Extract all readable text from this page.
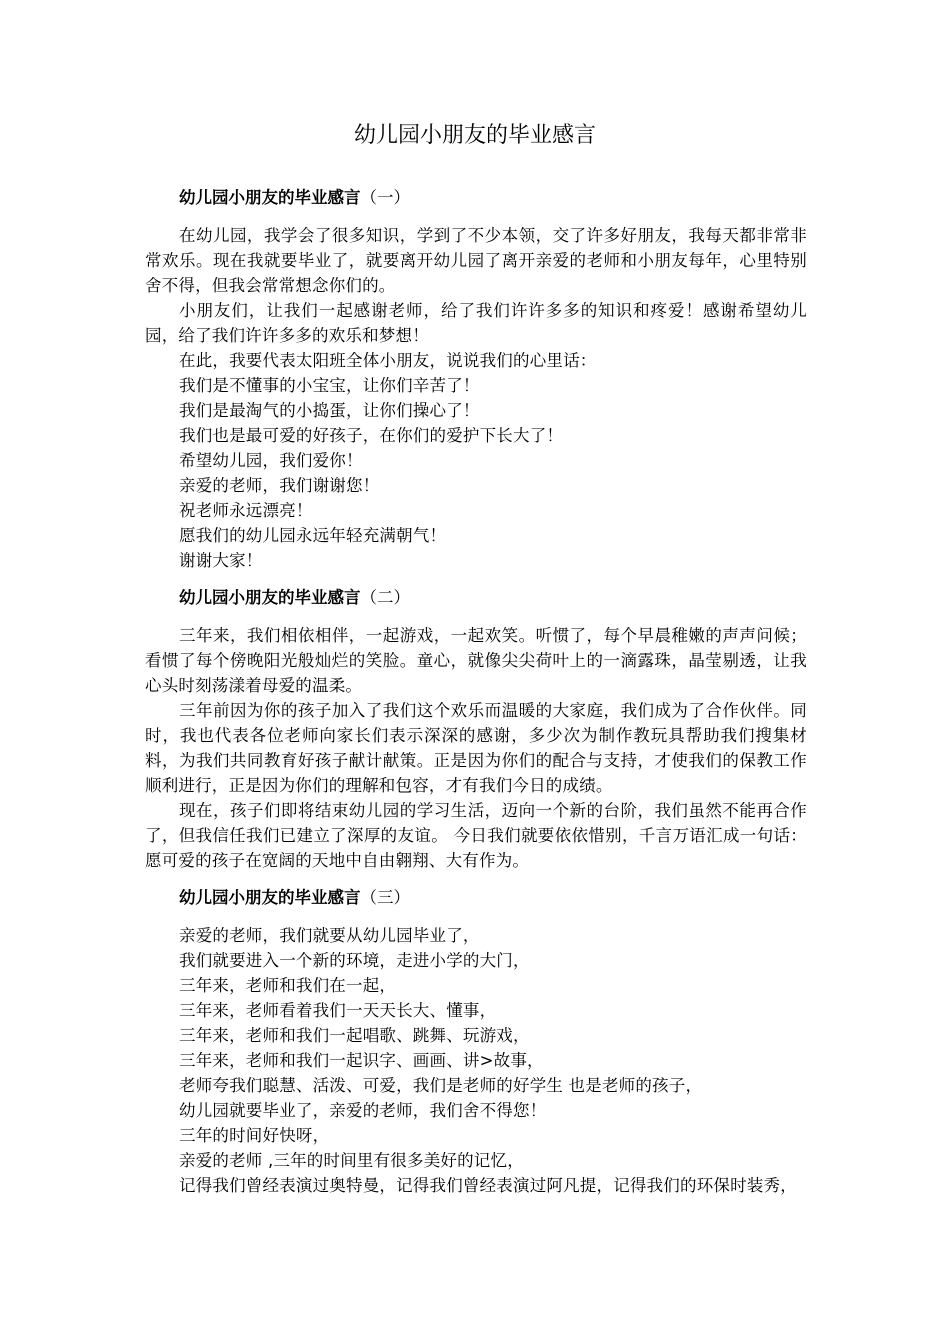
幼儿园小朋友的毕业感言

幼儿园小朋友的毕业感言（一）

在幼儿园，我学会了很多知识，学到了不少本领，交了许多好朋友，我每天都非常非常欢乐。现在我就要毕业了，就要离开幼儿园了离开亲爱的老师和小朋友每年，心里特别舍不得，但我会常常想念你们的。

小朋友们，让我们一起感谢老师，给了我们许许多多的知识和疼爱！感谢希望幼儿园，给了我们许许多多的欢乐和梦想！

在此，我要代表太阳班全体小朋友，说说我们的心里话：

我们是不懂事的小宝宝，让你们辛苦了！

我们是最淘气的小捣蛋，让你们操心了！

我们也是最可爱的好孩子，在你们的爱护下长大了！

希望幼儿园，我们爱你！

亲爱的老师，我们谢谢您！

祝老师永远漂亮！

愿我们的幼儿园永远年轻充满朝气！

谢谢大家！

幼儿园小朋友的毕业感言（二）

三年来，我们相依相伴，一起游戏，一起欢笑。听惯了，每个早晨稚嫩的声声问候；看惯了每个傍晚阳光般灿烂的笑脸。童心，就像尖尖荷叶上的一滴露珠，晶莹剔透，让我心头时刻荡漾着母爱的温柔。

三年前因为你的孩子加入了我们这个欢乐而温暖的大家庭，我们成为了合作伙伴。同时，我也代表各位老师向家长们表示深深的感谢，多少次为制作教玩具帮助我们搜集材料，为我们共同教育好孩子献计献策。正是因为你们的配合与支持，才使我们的保教工作顺利进行，正是因为你们的理解和包容，才有我们今日的成绩。

现在，孩子们即将结束幼儿园的学习生活，迈向一个新的台阶，我们虽然不能再合作了，但我信任我们已建立了深厚的友谊。 今日我们就要依依惜别，千言万语汇成一句话：愿可爱的孩子在宽阔的天地中自由翱翔、大有作为。

幼儿园小朋友的毕业感言（三）

亲爱的老师，我们就要从幼儿园毕业了，

我们就要进入一个新的环境，走进小学的大门，

三年来，老师和我们在一起，

三年来，老师看着我们一天天长大、懂事，

三年来，老师和我们一起唱歌、跳舞、玩游戏，

三年来，老师和我们一起识字、画画、讲>故事，

老师夸我们聪慧、活泼、可爱，我们是老师的好学生 也是老师的孩子，

幼儿园就要毕业了，亲爱的老师，我们舍不得您！

三年的时间好快呀，

亲爱的老师 ,三年的时间里有很多美好的记忆，

记得我们曾经表演过奥特曼，记得我们曾经表演过阿凡提，记得我们的环保时装秀，
